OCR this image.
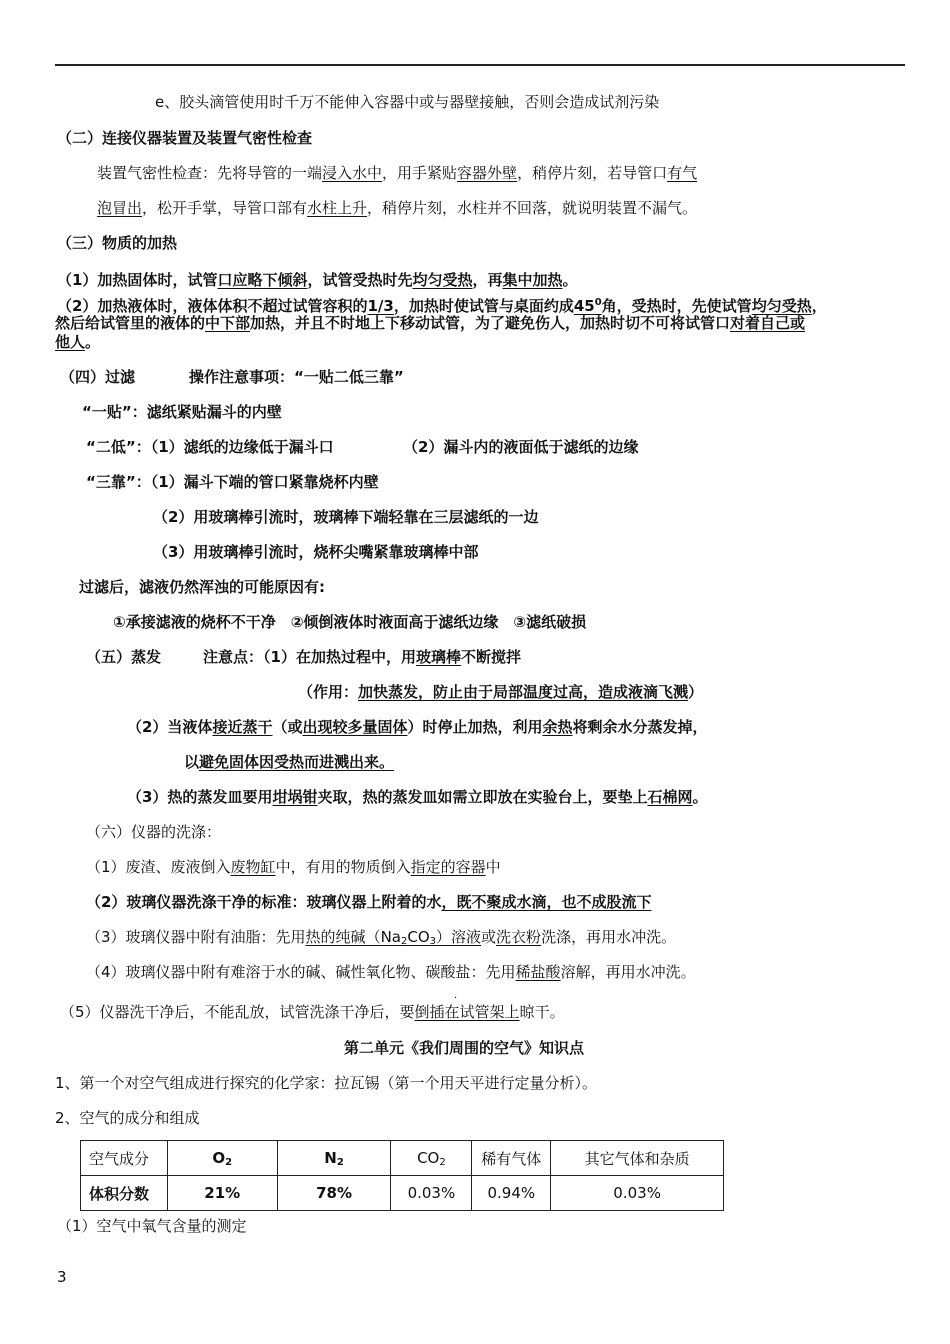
e、胶头滴管使用时千万不能伸入容器中或与器壁接触，否则会造成试剂污染
（二）连接仪器装置及装置气密性检查
装置气密性检查：先将导管的一端浸入水中，用手紧贴容器外壁，稍停片刻，若导管口有气
泡冒出，松开手掌，导管口部有水柱上升，稍停片刻，水柱并不回落，就说明装置不漏气。
（三）物质的加热
（1）加热固体时，试管口应略下倾斜，试管受热时先均匀受热，再集中加热。
（2）加热液体时，液体体积不超过试管容积的1/3，加热时使试管与桌面约成$45^0$角，受热时，先使试管均匀受热，
然后给试管里的液体的中下部加热，并且不时地上下移动试管，为了避免伤人，加热时切不可将试管口对着自己或
他人。
（四）过滤	操作注意事项：“一贴二低三靠”
“一贴”：滤纸紧贴漏斗的内壁
“二低”：（1）滤纸的边缘低于漏斗口	（2）漏斗内的液面低于滤纸的边缘
“三靠”：（1）漏斗下端的管口紧靠烧杯内壁
（2）用玻璃棒引流时，玻璃棒下端轻靠在三层滤纸的一边
（3）用玻璃棒引流时，烧杯尖嘴紧靠玻璃棒中部
过滤后，滤液仍然浑浊的可能原因有:
①承接滤液的烧杯不干净　②倾倒液体时液面高于滤纸边缘　③滤纸破损
（五）蒸发	注意点：（1）在加热过程中，用玻璃棒不断搅拌
（作用：加快蒸发，防止由于局部温度过高，造成液滴飞溅）
（2）当液体接近蒸干（或出现较多量固体）时停止加热，利用余热将剩余水分蒸发掉，
以避免固体因受热而进溅出来。
（3）热的蒸发皿要用坩埚钳夹取，热的蒸发皿如需立即放在实验台上，要垫上石棉网。
（六）仪器的洗涤：
（1）废渣、废液倒入废物缸中，有用的物质倒入指定的容器中
（2）玻璃仪器洗涤干净的标准：玻璃仪器上附着的水，既不聚成水滴，也不成股流下
（3）玻璃仪器中附有油脂：先用热的纯碱$(Na_2CO_3)$溶液或洗衣粉洗涤，再用水冲洗。
（4）玻璃仪器中附有难溶于水的碱、碱性氧化物、碳酸盐：先用稀盐酸溶解，再用水冲洗。
.
（5）仪器洗干净后，不能乱放，试管洗涤干净后，要倒插在试管架上晾干。
第二单元《我们周围的空气》知识点
1、第一个对空气组成进行探究的化学家：拉瓦锡（第一个用天平进行定量分析）。
2、空气的成分和组成
空气成分	$O_2$	$N_2$	$CO_2$	稀有气体	其它气体和杂质
体积分数	21%	78%	0.03%	0.94%	0.03%
（1）空气中氧气含量的测定
3
